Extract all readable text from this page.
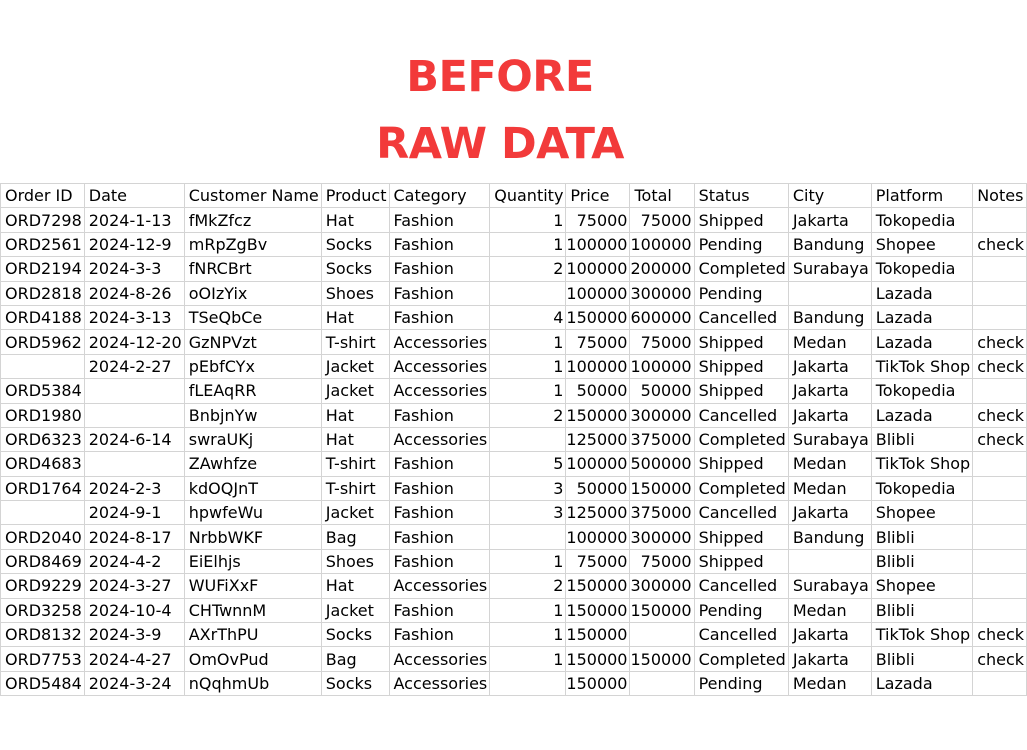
BEFORE
RAW DATA
Order ID	Date	Customer Name	Product	Category	Quantity	Price	Total	Status	City	Platform	Notes
ORD7298	2024-1-13	fMkZfcz	Hat	Fashion	1	75000	75000	Shipped	Jakarta	Tokopedia	
ORD2561	2024-12-9	mRpZgBv	Socks	Fashion	1	100000	100000	Pending	Bandung	Shopee	check
ORD2194	2024-3-3	fNRCBrt	Socks	Fashion	2	100000	200000	Completed	Surabaya	Tokopedia	
ORD2818	2024-8-26	oOIzYix	Shoes	Fashion		100000	300000	Pending		Lazada	
ORD4188	2024-3-13	TSeQbCe	Hat	Fashion	4	150000	600000	Cancelled	Bandung	Lazada	
ORD5962	2024-12-20	GzNPVzt	T-shirt	Accessories	1	75000	75000	Shipped	Medan	Lazada	check
	2024-2-27	pEbfCYx	Jacket	Accessories	1	100000	100000	Shipped	Jakarta	TikTok Shop	check
ORD5384		fLEAqRR	Jacket	Accessories	1	50000	50000	Shipped	Jakarta	Tokopedia	
ORD1980		BnbjnYw	Hat	Fashion	2	150000	300000	Cancelled	Jakarta	Lazada	check
ORD6323	2024-6-14	swraUKj	Hat	Accessories		125000	375000	Completed	Surabaya	Blibli	check
ORD4683		ZAwhfze	T-shirt	Fashion	5	100000	500000	Shipped	Medan	TikTok Shop	
ORD1764	2024-2-3	kdOQJnT	T-shirt	Fashion	3	50000	150000	Completed	Medan	Tokopedia	
	2024-9-1	hpwfeWu	Jacket	Fashion	3	125000	375000	Cancelled	Jakarta	Shopee	
ORD2040	2024-8-17	NrbbWKF	Bag	Fashion		100000	300000	Shipped	Bandung	Blibli	
ORD8469	2024-4-2	EiElhjs	Shoes	Fashion	1	75000	75000	Shipped		Blibli	
ORD9229	2024-3-27	WUFiXxF	Hat	Accessories	2	150000	300000	Cancelled	Surabaya	Shopee	
ORD3258	2024-10-4	CHTwnnM	Jacket	Fashion	1	150000	150000	Pending	Medan	Blibli	
ORD8132	2024-3-9	AXrThPU	Socks	Fashion	1	150000		Cancelled	Jakarta	TikTok Shop	check
ORD7753	2024-4-27	OmOvPud	Bag	Accessories	1	150000	150000	Completed	Jakarta	Blibli	check
ORD5484	2024-3-24	nQqhmUb	Socks	Accessories		150000		Pending	Medan	Lazada	
